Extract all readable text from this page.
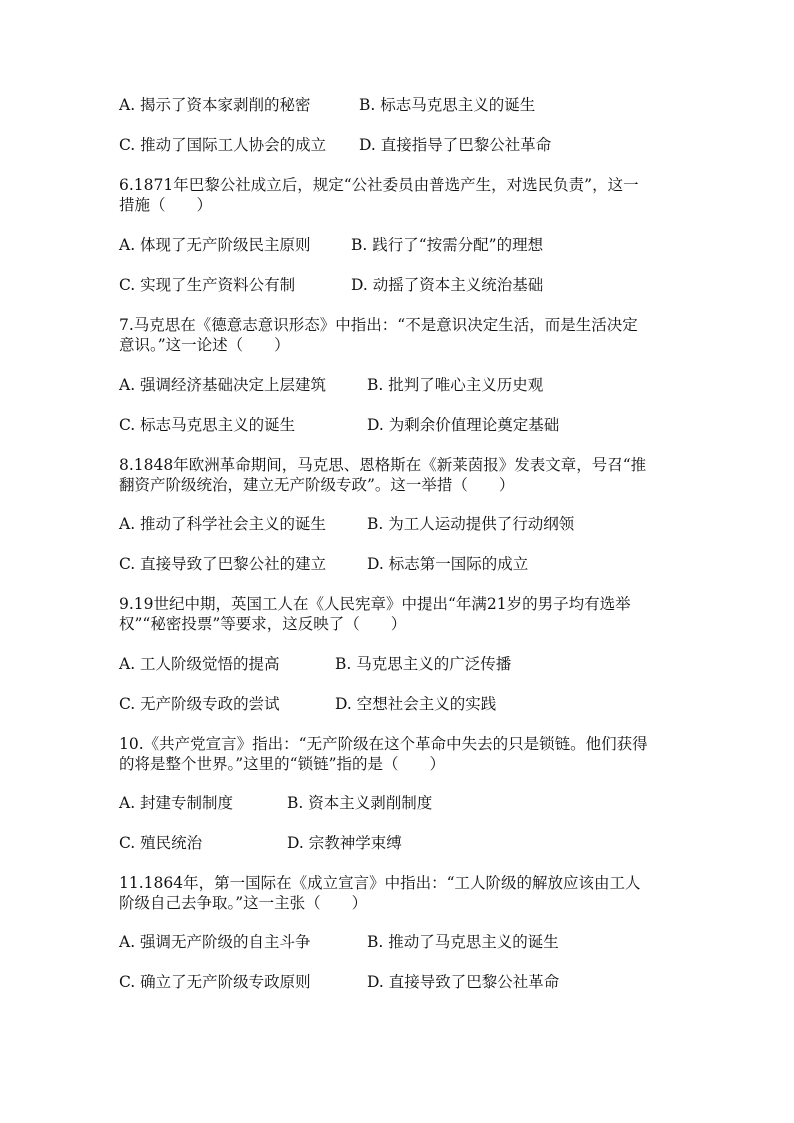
A. 揭示了资本家剥削的秘密	B. 标志马克思主义的诞生
C. 推动了国际工人协会的成立 D. 直接指导了巴黎公社革命
6.1871年巴黎公社成立后，规定“公社委员由普选产生，对选民负责”，这一
措施（　　）
A. 体现了无产阶级民主原则	B. 践行了“按需分配”的理想
C. 实现了生产资料公有制	D. 动摇了资本主义统治基础
7.马克思在《德意志意识形态》中指出：“不是意识决定生活，而是生活决定
意识。”这一论述（　　）
A. 强调经济基础决定上层建筑	B. 批判了唯心主义历史观
C. 标志马克思主义的诞生	D. 为剩余价值理论奠定基础
8.1848年欧洲革命期间，马克思、恩格斯在《新莱茵报》发表文章，号召“推
翻资产阶级统治，建立无产阶级专政”。这一举措（　　）
A. 推动了科学社会主义的诞生	B. 为工人运动提供了行动纲领
C. 直接导致了巴黎公社的建立	D. 标志第一国际的成立
9.19世纪中期，英国工人在《人民宪章》中提出“年满21岁的男子均有选举
权”“秘密投票”等要求，这反映了（　　）
A. 工人阶级觉悟的提高	B. 马克思主义的广泛传播
C. 无产阶级专政的尝试	D. 空想社会主义的实践
10.《共产党宣言》指出：“无产阶级在这个革命中失去的只是锁链。他们获得
的将是整个世界。”这里的“锁链”指的是（　　）
A. 封建专制制度	B. 资本主义剥削制度
C. 殖民统治	D. 宗教神学束缚
11.1864年，第一国际在《成立宣言》中指出：“工人阶级的解放应该由工人
阶级自己去争取。”这一主张（　　）
A. 强调无产阶级的自主斗争	B. 推动了马克思主义的诞生
C. 确立了无产阶级专政原则	D. 直接导致了巴黎公社革命
